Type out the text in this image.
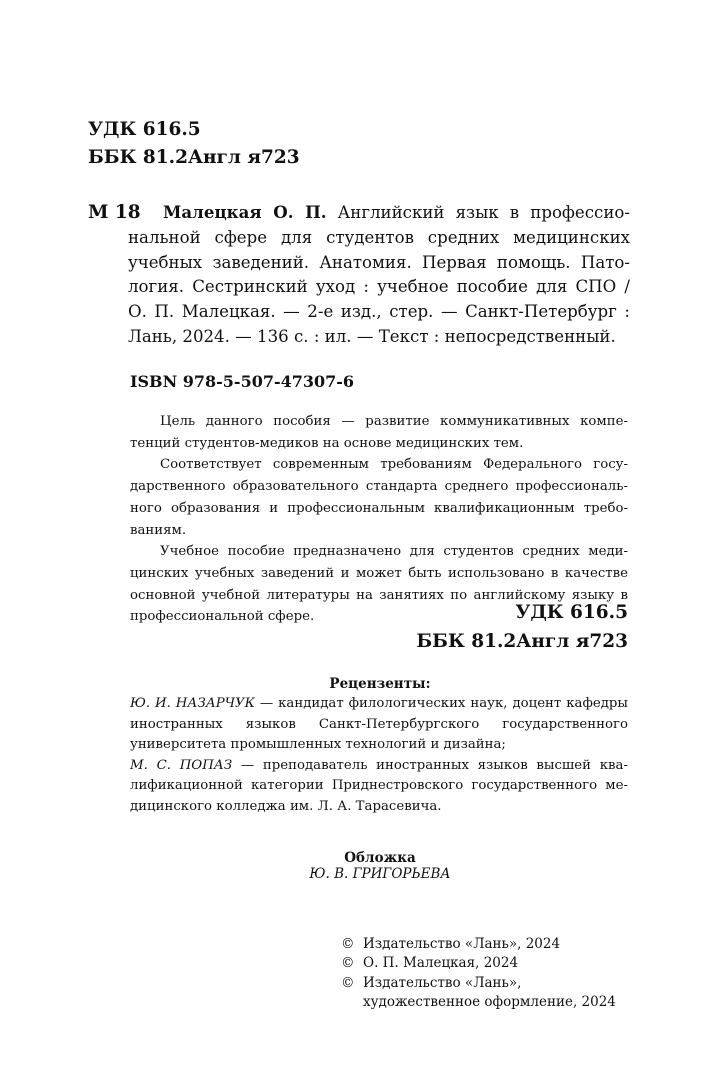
УДК 616.5
ББК 81.2Англ я723
М 18	Малецкая О. П. Английский язык в профессиональной сфере для студентов средних медицинских учебных заведений. Анатомия. Первая помощь. Патология. Сестринский уход : учебное пособие для СПО / О. П. Малецкая. — 2-е изд., стер. — Санкт-Петербург : Лань, 2024. — 136 с. : ил. — Текст : непосредственный.
ISBN 978-5-507-47307-6

Цель данного пособия — развитие коммуникативных компетенций студентов-медиков на основе медицинских тем.

Соответствует современным требованиям Федерального государственного образовательного стандарта среднего профессионального образования и профессиональным квалификационным требованиям.

Учебное пособие предназначено для студентов средних медицинских учебных заведений и может быть использовано в качестве основной учебной литературы на занятиях по английскому языку в профессиональной сфере.	УДК 616.5
ББК 81.2Англ я723
Рецензенты:

Ю. И. НАЗАРЧУК — кандидат филологических наук, доцент кафедры иностранных языков Санкт-Петербургского государственного университета промышленных технологий и дизайна;

М. С. ПОПАЗ — преподаватель иностранных языков высшей квалификационной категории Приднестровского государственного медицинского колледжа им. Л. А. Тарасевича.

Обложка
Ю. В. ГРИГОРЬЕВА
© Издательство «Лань», 2024
© О. П. Малецкая, 2024
© Издательство «Лань»,
художественное оформление, 2024
